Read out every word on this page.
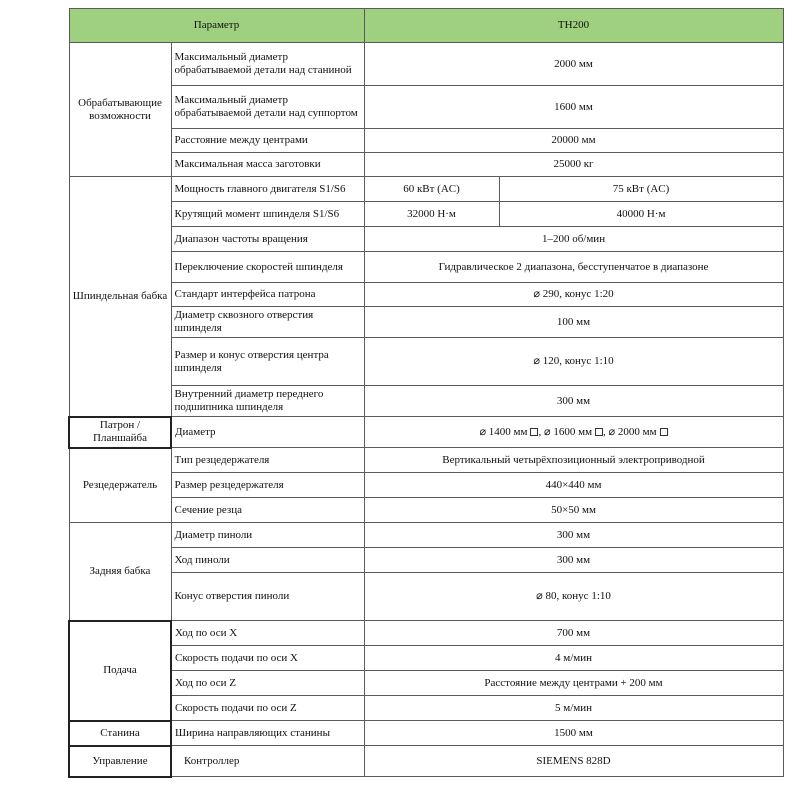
Параметр		TH200	
Обрабатывающие возможности	Максимальный диаметр обрабатываемой детали над станиной	2000 мм	
	Максимальный диаметр обрабатываемой детали над суппортом	1600 мм	
	Расстояние между центрами	20000 мм	
	Максимальная масса заготовки	25000 кг	
Шпиндельная бабка	Мощность главного двигателя S1/S6	60 кВт (AC)	75 кВт (AC)
	Крутящий момент шпинделя S1/S6	32000 Н·м	40000 Н·м
	Диапазон частоты вращения	1–200 об/мин	
	Переключение скоростей шпинделя	Гидравлическое 2 диапазона, бесступенчатое в диапазоне	
	Стандарт интерфейса патрона	⌀ 290, конус 1:20	
	Диаметр сквозного отверстия шпинделя	100 мм	
	Размер и конус отверстия центра шпинделя	⌀ 120, конус 1:10	
	Внутренний диаметр переднего подшипника шпинделя	300 мм	
Патрон / Планшайба	Диаметр	⌀ 1400 мм , ⌀ 1600 мм , ⌀ 2000 мм	
Резцедержатель	Тип резцедержателя	Вертикальный четырёхпозиционный электроприводной	
	Размер резцедержателя	440×440 мм	
	Сечение резца	50×50 мм	
Задняя бабка	Диаметр пиноли	300 мм	
	Ход пиноли	300 мм	
	Конус отверстия пиноли	⌀ 80, конус 1:10	
Подача	Ход по оси X	700 мм	
	Скорость подачи по оси X	4 м/мин	
	Ход по оси Z	Расстояние между центрами + 200 мм	
	Скорость подачи по оси Z	5 м/мин	
Станина	Ширина направляющих станины	1500 мм	
Управление	Контроллер	SIEMENS 828D	
